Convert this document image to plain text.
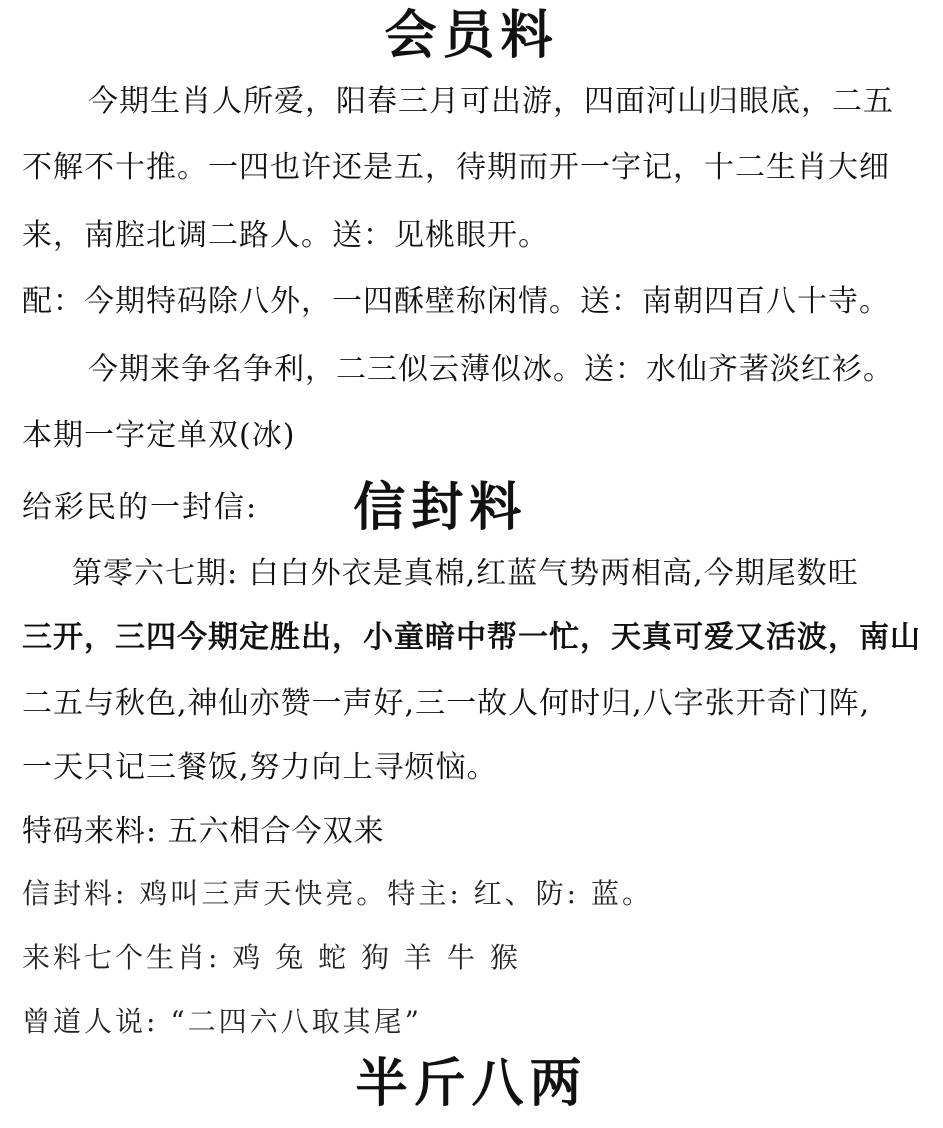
会员料
今期生肖人所爱，阳春三月可出游，四面河山归眼底，二五
不解不十推。一四也许还是五，待期而开一字记，十二生肖大细
来，南腔北调二路人。送：见桃眼开。
配：今期特码除八外，一四酥壁称闲情。送：南朝四百八十寺。
今期来争名争利，二三似云薄似冰。送：水仙齐著淡红衫。
本期一字定单双(冰)
给彩民的一封信: 信封料
第零六七期: 白白外衣是真棉,红蓝气势两相高,今期尾数旺
三开，三四今期定胜出，小童暗中帮一忙，天真可爱又活波，南山
二五与秋色,神仙亦赞一声好,三一故人何时归,八字张开奇门阵,
一天只记三餐饭,努力向上寻烦恼。
特码来料: 五六相合今双来
信封料: 鸡叫三声天快亮。特主: 红、防: 蓝。
来料七个生肖: 鸡 兔 蛇 狗 羊 牛 猴
曾道人说: “二四六八取其尾”
半斤八两
